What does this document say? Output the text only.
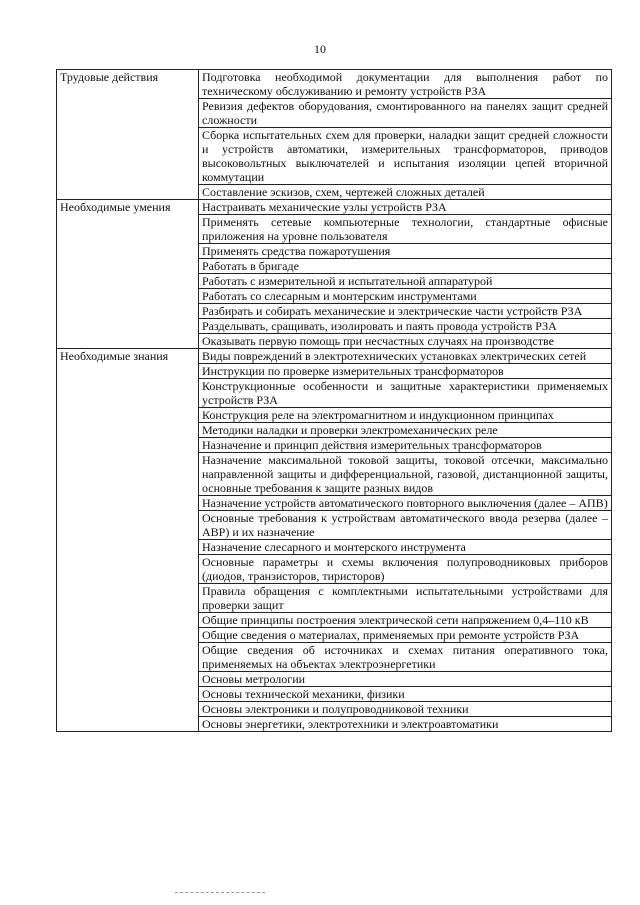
10
Трудовые действия	Подготовка необходимой документации для выполнения работ по техническому обслуживанию и ремонту устройств РЗА
	Ревизия дефектов оборудования, смонтированного на панелях защит средней сложности
	Сборка испытательных схем для проверки, наладки защит средней сложности и устройств автоматики, измерительных трансформаторов, приводов высоковольтных выключателей и испытания изоляции цепей вторичной коммутации
	Составление эскизов, схем, чертежей сложных деталей
Необходимые умения	Настраивать механические узлы устройств РЗА
	Применять сетевые компьютерные технологии, стандартные офисные приложения на уровне пользователя
	Применять средства пожаротушения
	Работать в бригаде
	Работать с измерительной и испытательной аппаратурой
	Работать со слесарным и монтерским инструментами
	Разбирать и собирать механические и электрические части устройств РЗА
	Разделывать, сращивать, изолировать и паять провода устройств РЗА
	Оказывать первую помощь при несчастных случаях на производстве
Необходимые знания	Виды повреждений в электротехнических установках электрических сетей
	Инструкции по проверке измерительных трансформаторов
	Конструкционные особенности и защитные характеристики применяемых устройств РЗА
	Конструкция реле на электромагнитном и индукционном принципах
	Методики наладки и проверки электромеханических реле
	Назначение и принцип действия измерительных трансформаторов
	Назначение максимальной токовой защиты, токовой отсечки, максимально направленной защиты и дифференциальной, газовой, дистанционной защиты, основные требования к защите разных видов
	Назначение устройств автоматического повторного выключения (далее – АПВ)
	Основные требования к устройствам автоматического ввода резерва (далее – АВР) и их назначение
	Назначение слесарного и монтерского инструмента
	Основные параметры и схемы включения полупроводниковых приборов (диодов, транзисторов, тиристоров)
	Правила обращения с комплектными испытательными устройствами для проверки защит
	Общие принципы построения электрической сети напряжением 0,4–110 кВ
	Общие сведения о материалах, применяемых при ремонте устройств РЗА
	Общие сведения об источниках и схемах питания оперативного тока, применяемых на объектах электроэнергетики
	Основы метрологии
	Основы технической механики, физики
	Основы электроники и полупроводниковой техники
	Основы энергетики, электротехники и электроавтоматики
